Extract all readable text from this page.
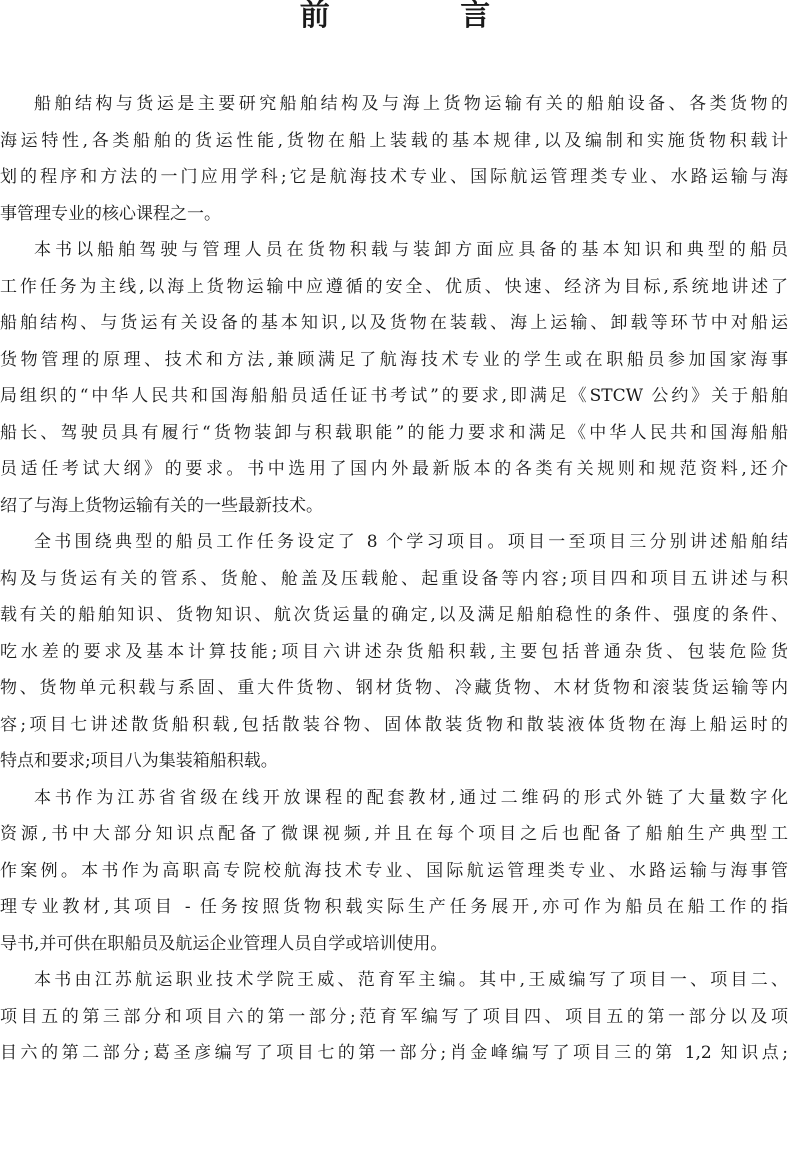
前 言
船舶结构与货运是主要研究船舶结构及与海上货物运输有关的船舶设备、各类货物的
海运特性,各类船舶的货运性能,货物在船上装载的基本规律,以及编制和实施货物积载计
划的程序和方法的一门应用学科;它是航海技术专业、国际航运管理类专业、水路运输与海
事管理专业的核心课程之一。
本书以船舶驾驶与管理人员在货物积载与装卸方面应具备的基本知识和典型的船员
工作任务为主线,以海上货物运输中应遵循的安全、优质、快速、经济为目标,系统地讲述了
船舶结构、与货运有关设备的基本知识,以及货物在装载、海上运输、卸载等环节中对船运
货物管理的原理、技术和方法,兼顾满足了航海技术专业的学生或在职船员参加国家海事
局组织的“中华人民共和国海船船员适任证书考试”的要求,即满足《STCW 公约》关于船舶
船长、驾驶员具有履行“货物装卸与积载职能”的能力要求和满足《中华人民共和国海船船
员适任考试大纲》的要求。书中选用了国内外最新版本的各类有关规则和规范资料,还介
绍了与海上货物运输有关的一些最新技术。
全书围绕典型的船员工作任务设定了 8 个学习项目。项目一至项目三分别讲述船舶结
构及与货运有关的管系、货舱、舱盖及压载舱、起重设备等内容;项目四和项目五讲述与积
载有关的船舶知识、货物知识、航次货运量的确定,以及满足船舶稳性的条件、强度的条件、
吃水差的要求及基本计算技能;项目六讲述杂货船积载,主要包括普通杂货、包装危险货
物、货物单元积载与系固、重大件货物、钢材货物、冷藏货物、木材货物和滚装货运输等内
容;项目七讲述散货船积载,包括散装谷物、固体散装货物和散装液体货物在海上船运时的
特点和要求;项目八为集装箱船积载。
本书作为江苏省省级在线开放课程的配套教材,通过二维码的形式外链了大量数字化
资源,书中大部分知识点配备了微课视频,并且在每个项目之后也配备了船舶生产典型工
作案例。本书作为高职高专院校航海技术专业、国际航运管理类专业、水路运输与海事管
理专业教材,其项目 - 任务按照货物积载实际生产任务展开,亦可作为船员在船工作的指
导书,并可供在职船员及航运企业管理人员自学或培训使用。
本书由江苏航运职业技术学院王威、范育军主编。其中,王威编写了项目一、项目二、
项目五的第三部分和项目六的第一部分;范育军编写了项目四、项目五的第一部分以及项
目六的第二部分;葛圣彦编写了项目七的第一部分;肖金峰编写了项目三的第 1,2 知识点;
